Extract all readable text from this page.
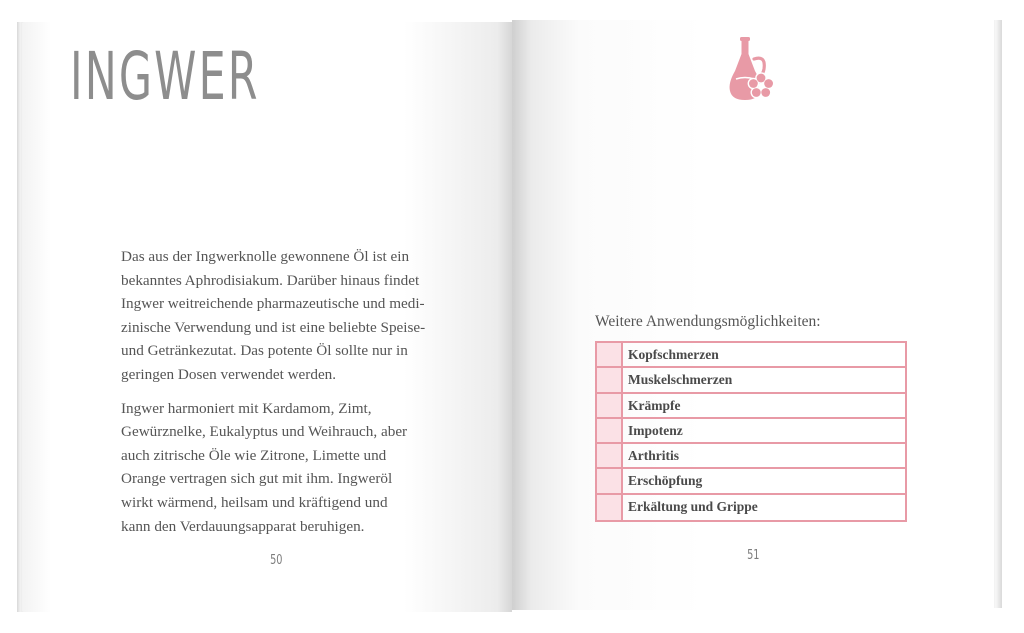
INGWER

Das aus der Ingwerknolle gewonnene Öl ist ein
bekanntes Aphrodisiakum. Darüber hinaus findet
Ingwer weitreichende pharmazeutische und medi-
zinische Verwendung und ist eine beliebte Speise-
und Getränkezutat. Das potente Öl sollte nur in
geringen Dosen verwendet werden.

Ingwer harmoniert mit Kardamom, Zimt,
Gewürznelke, Eukalyptus und Weihrauch, aber
auch zitrische Öle wie Zitrone, Limette und
Orange vertragen sich gut mit ihm. Ingweröl
wirkt wärmend, heilsam und kräftigend und
kann den Verdauungsapparat beruhigen.

50

Weitere Anwendungsmöglichkeiten:

Kopfschmerzen
Muskelschmerzen
Krämpfe
Impotenz
Arthritis
Erschöpfung
Erkältung und Grippe
51
